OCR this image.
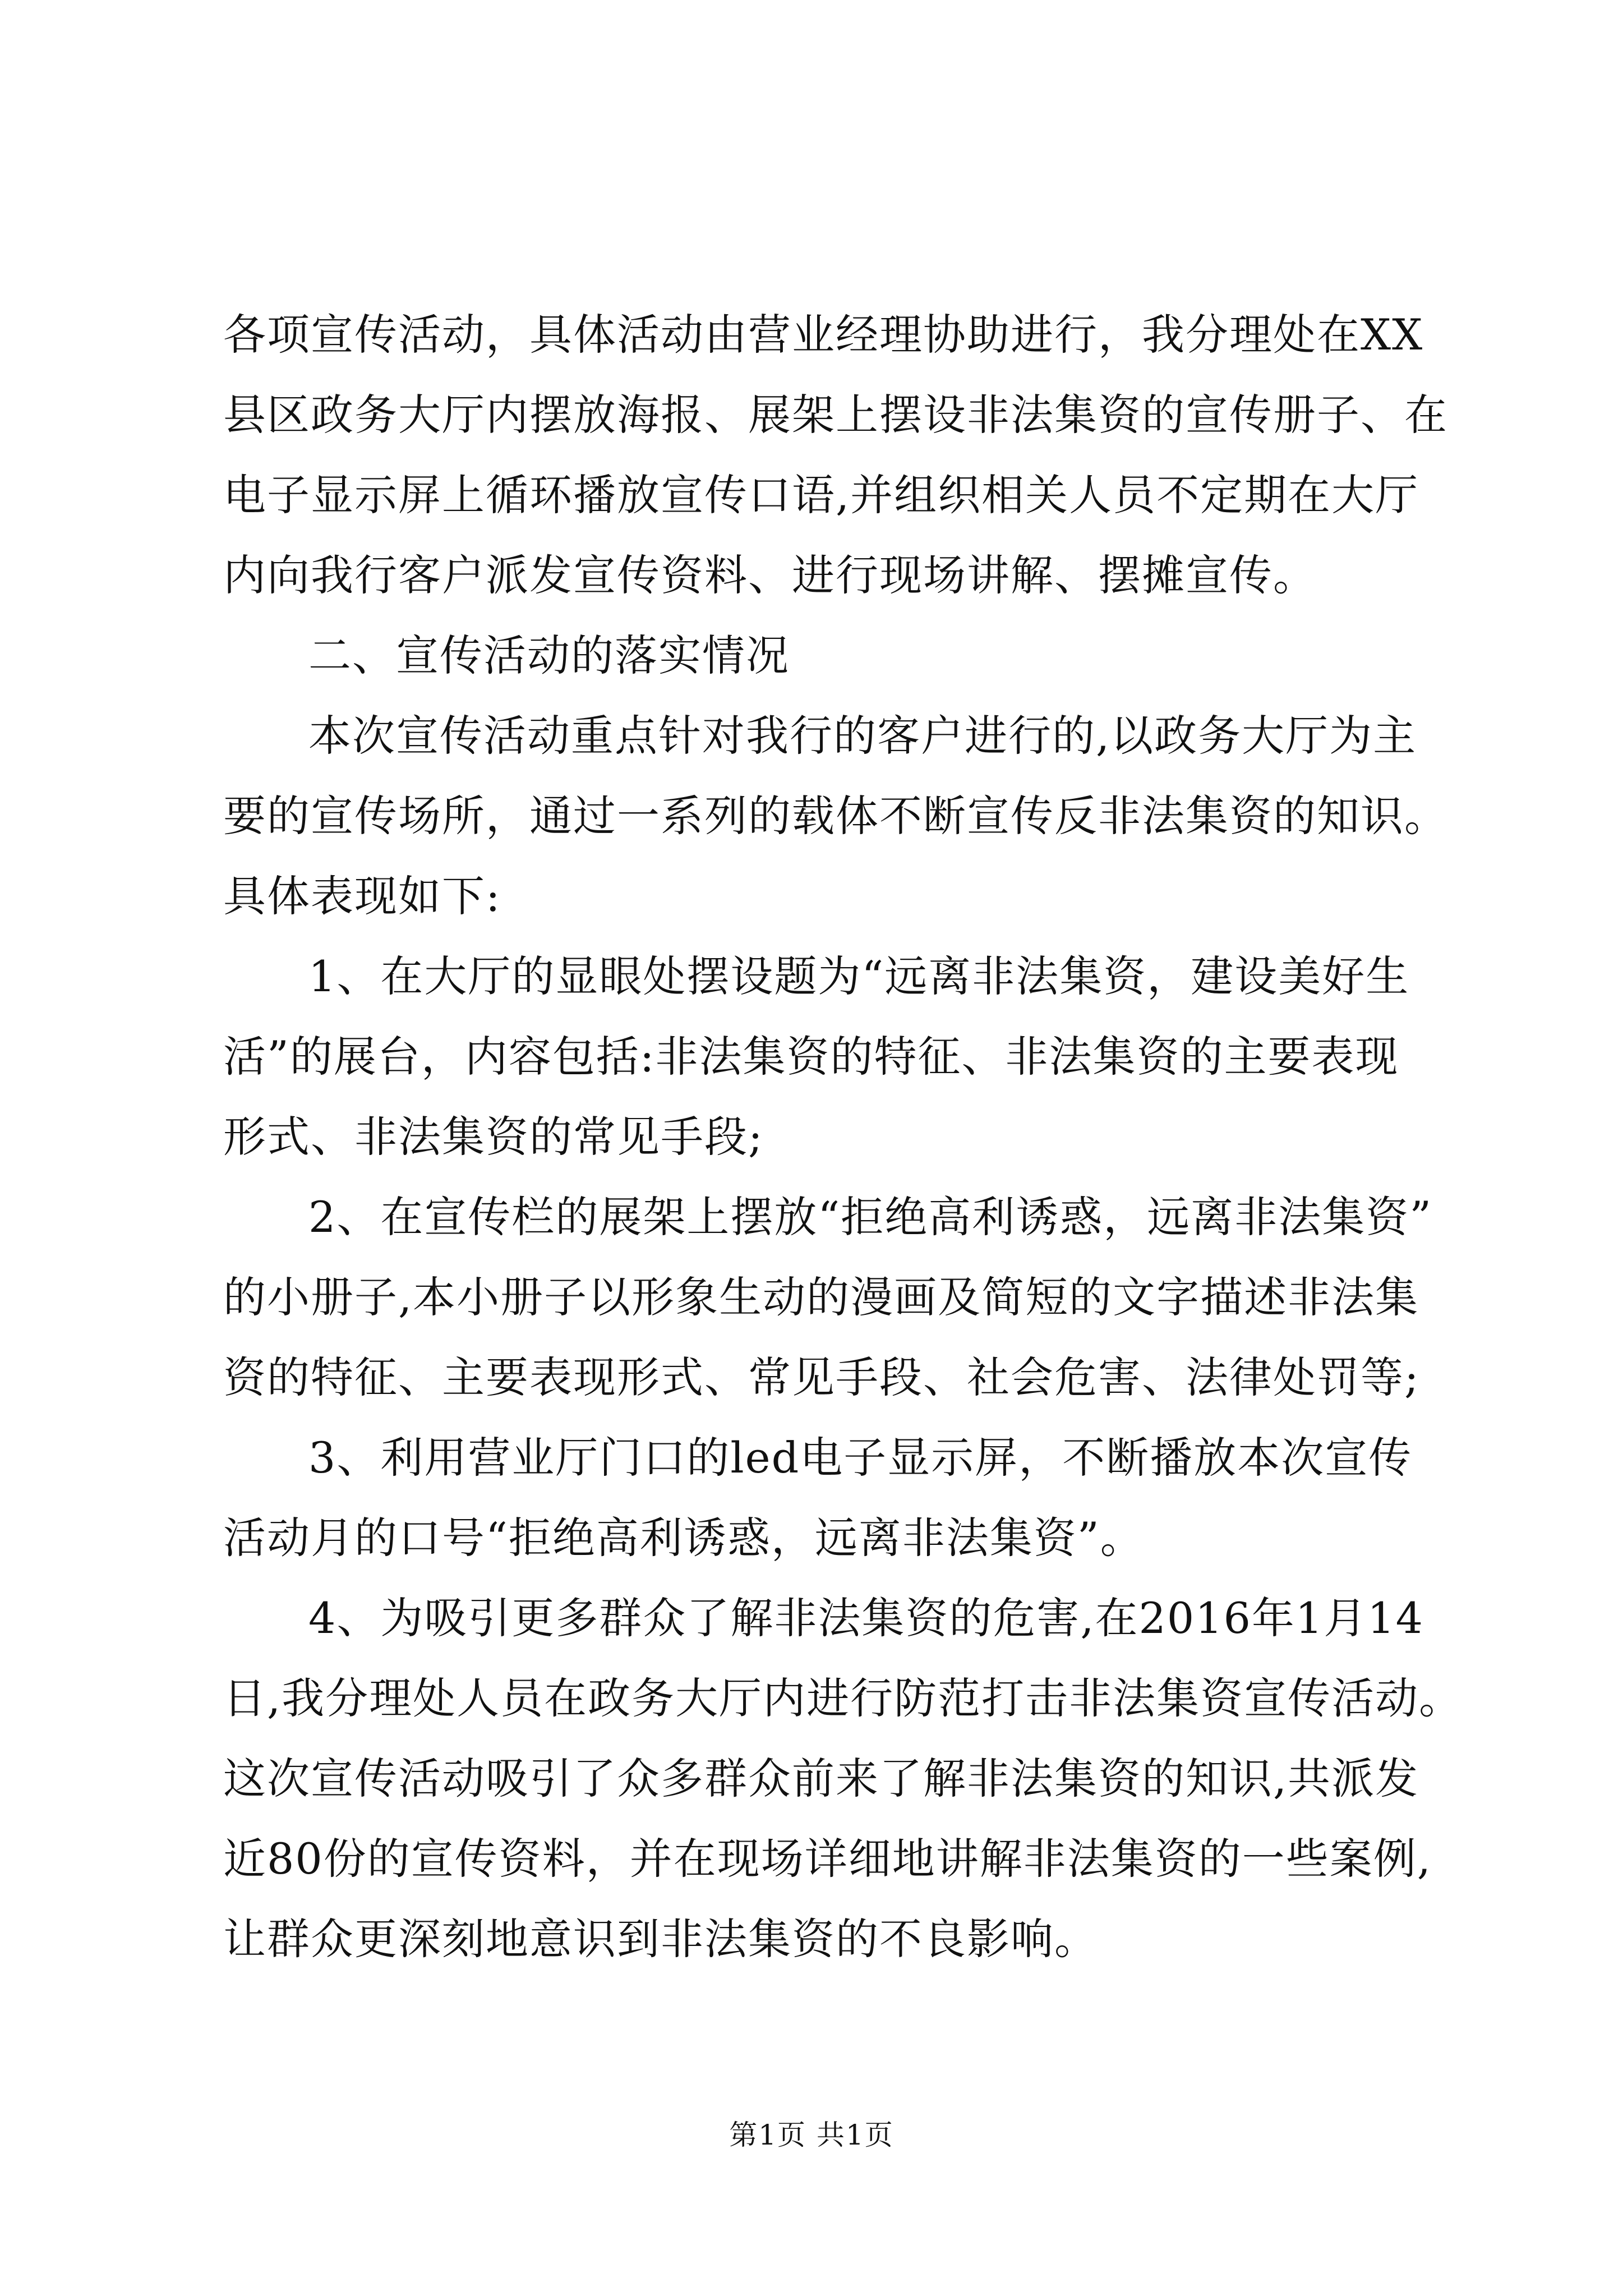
各项宣传活动，具体活动由营业经理协助进行，我分理处在XX
县区政务大厅内摆放海报、展架上摆设非法集资的宣传册子、在
电子显示屏上循环播放宣传口语,并组织相关人员不定期在大厅
内向我行客户派发宣传资料、进行现场讲解、摆摊宣传。
二、宣传活动的落实情况
本次宣传活动重点针对我行的客户进行的,以政务大厅为主
要的宣传场所，通过一系列的载体不断宣传反非法集资的知识。
具体表现如下:
1、在大厅的显眼处摆设题为“远离非法集资，建设美好生
活”的展台，内容包括:非法集资的特征、非法集资的主要表现
形式、非法集资的常见手段;
2、在宣传栏的展架上摆放“拒绝高利诱惑，远离非法集资”
的小册子,本小册子以形象生动的漫画及简短的文字描述非法集
资的特征、主要表现形式、常见手段、社会危害、法律处罚等;
3、利用营业厅门口的led电子显示屏，不断播放本次宣传
活动月的口号“拒绝高利诱惑，远离非法集资”。
4、为吸引更多群众了解非法集资的危害,在2016年1月14
日,我分理处人员在政务大厅内进行防范打击非法集资宣传活动。
这次宣传活动吸引了众多群众前来了解非法集资的知识,共派发
近80份的宣传资料，并在现场详细地讲解非法集资的一些案例,
让群众更深刻地意识到非法集资的不良影响。
第1页 共1页
